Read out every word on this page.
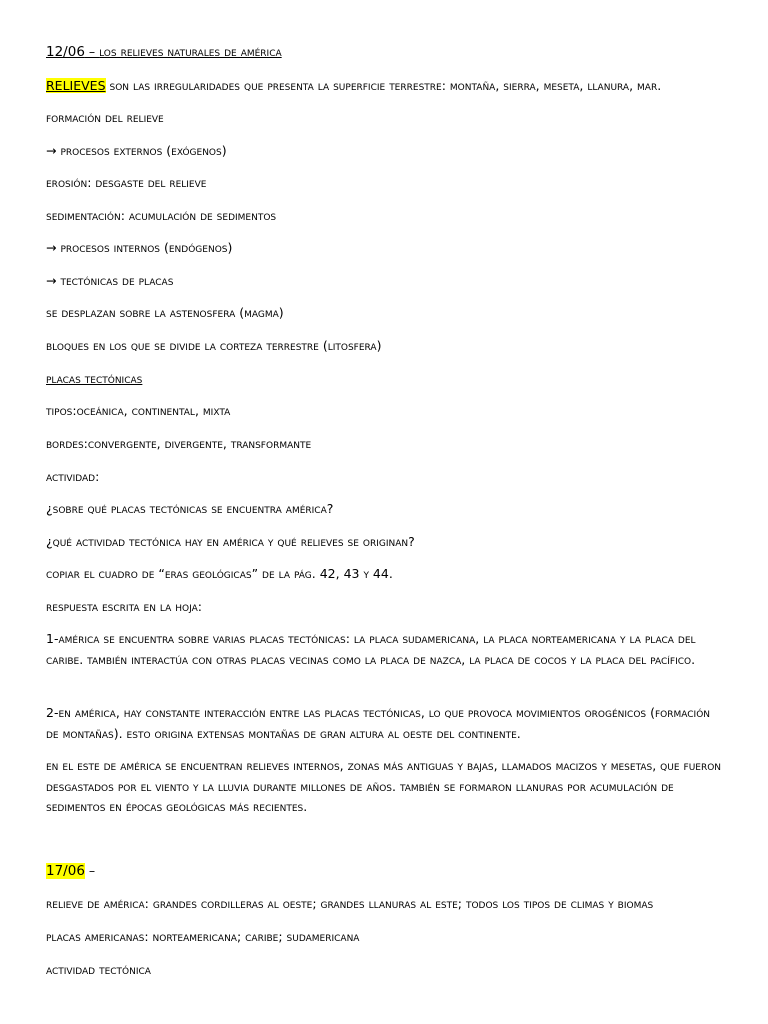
12/06 – los relieves naturales de américa
RELIEVES son las irregularidades que presenta la superficie terrestre: montaña, sierra, meseta, llanura, mar.
formación del relieve
→ procesos externos (exógenos)
erosión: desgaste del relieve
sedimentación: acumulación de sedimentos
→ procesos internos (endógenos)
→ tectónicas de placas
se desplazan sobre la astenosfera (magma)
bloques en los que se divide la corteza terrestre (litosfera)
placas tectónicas
tipos:oceánica, continental, mixta
bordes:convergente, divergente, transformante
actividad:
¿sobre qué placas tectónicas se encuentra américa?
¿qué actividad tectónica hay en américa y qué relieves se originan?
copiar el cuadro de “eras geológicas” de la pág. 42, 43 y 44.
respuesta escrita en la hoja:
1-américa se encuentra sobre varias placas tectónicas: la placa sudamericana, la placa norteamericana y la placa del caribe. también interactúa con otras placas vecinas como la placa de nazca, la placa de cocos y la placa del pacífico.
2-en américa, hay constante interacción entre las placas tectónicas, lo que provoca movimientos orogénicos (formación de montañas). esto origina extensas montañas de gran altura al oeste del continente.
en el este de américa se encuentran relieves internos, zonas más antiguas y bajas, llamados macizos y mesetas, que fueron desgastados por el viento y la lluvia durante millones de años. también se formaron llanuras por acumulación de sedimentos en épocas geológicas más recientes.
17/06 –
relieve de américa: grandes cordilleras al oeste; grandes llanuras al este; todos los tipos de climas y biomas
placas americanas: norteamericana; caribe; sudamericana
actividad tectónica
